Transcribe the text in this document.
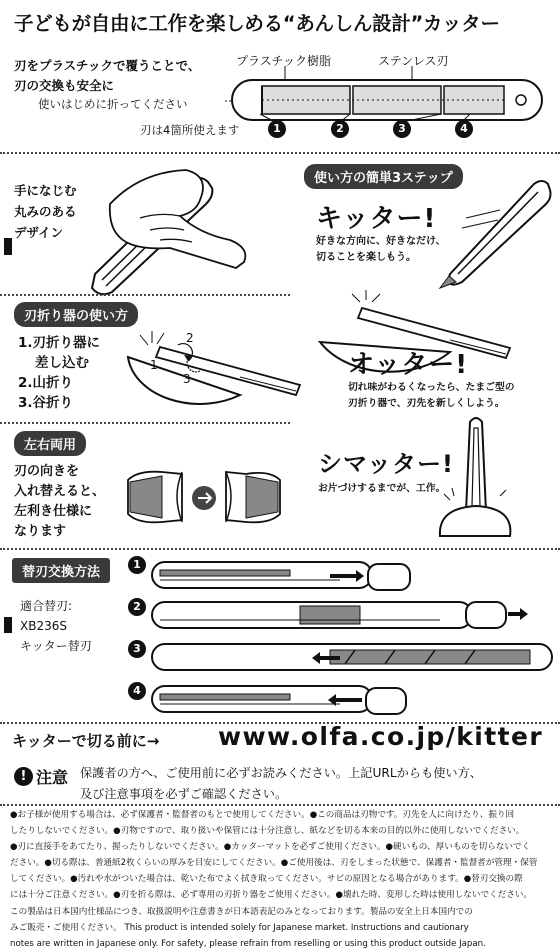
子どもが自由に工作を楽しめる“あんしん設計”カッター
刃をプラスチックで覆うことで、
刃の交換も安全に
プラスチック樹脂	ステンレス刃
使いはじめに折ってください
刃は4箇所使えます	1	2	3	4
手になじむ
丸みのある
デザイン
使い方の簡単3ステップ
キッター!
好きな方向に、好きなだけ、
切ることを楽しもう。
刃折り器の使い方
1.刃折り器に
差し込む
2.山折り
3.谷折り
1
2
3	オッター!
切れ味がわるくなったら、たまご型の
刃折り器で、刃先を新しくしよう。
左右両用
刃の向きを
入れ替えると、
左利き仕様に
なります
シマッター!
お片づけするまでが、工作。
替刃交換方法
適合替刃:
XB236S
キッター替刃
1
2
3
4
キッターで切る前に→ www.olfa.co.jp/kitter
! 注意 保護者の方へ、ご使用前に必ずお読みください。上記URLからも使い方、
及び注意事項を必ずご確認ください。
●お子様が使用する場合は、必ず保護者・監督者のもとで使用してください。●この商品は刃物です。刃先を人に向けたり、振り回
したりしないでください。●刃物ですので、取り扱いや保管には十分注意し、紙などを切る本来の目的以外に使用しないでください。
●刃に直接手をあてたり、握ったりしないでください。●カッターマットを必ずご使用ください。●硬いもの、厚いものを切らないでく
ださい。●切る際は、普通紙2枚くらいの厚みを目安にしてください。●ご使用後は、刃をしまった状態で、保護者・監督者が管理・保管
してください。●汚れや水がついた場合は、乾いた布でよく拭き取ってください。サビの原因となる場合があります。●替刃交換の際
には十分ご注意ください。●刃を折る際は、必ず専用の刃折り器をご使用ください。●壊れた時、変形した時は使用しないでください。
この製品は日本国内仕様品につき、取扱説明や注意書きが日本語表記のみとなっております。製品の安全上日本国内での
みご販売・ご使用ください。 This product is intended solely for Japanese market. Instructions and cautionary
notes are written in Japanese only. For safety, please refrain from reselling or using this product outside Japan.
